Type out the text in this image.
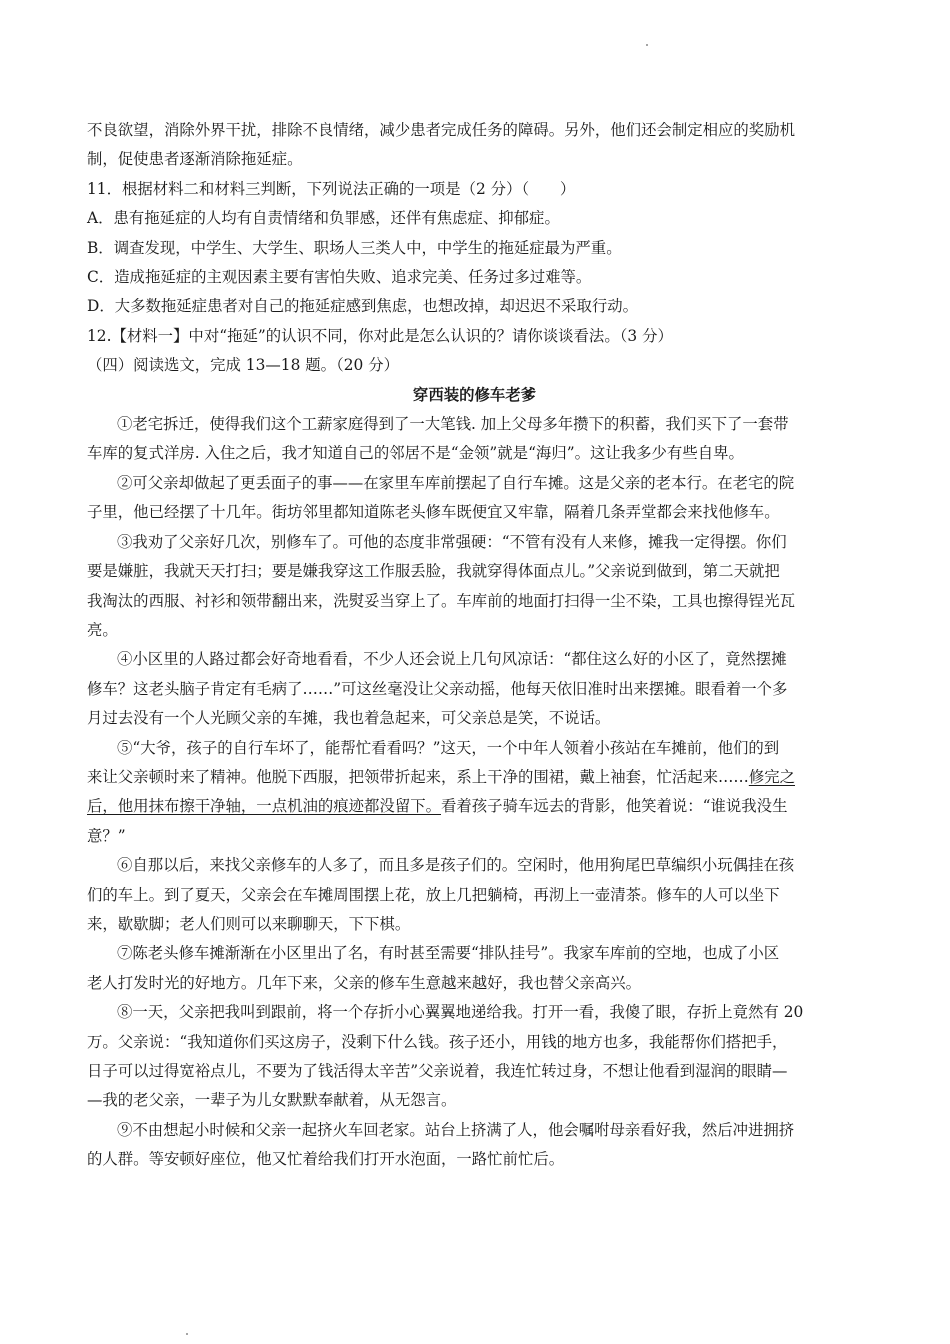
不良欲望，消除外界干扰，排除不良情绪，减少患者完成任务的障碍。另外，他们还会制定相应的奖励机

制，促使患者逐渐消除拖延症。

11．根据材料二和材料三判断，下列说法正确的一项是（2 分）（　　）

A．患有拖延症的人均有自责情绪和负罪感，还伴有焦虑症、抑郁症。

B．调查发现，中学生、大学生、职场人三类人中，中学生的拖延症最为严重。

C．造成拖延症的主观因素主要有害怕失败、追求完美、任务过多过难等。

D．大多数拖延症患者对自己的拖延症感到焦虑，也想改掉，却迟迟不采取行动。

12.【材料一】中对“拖延”的认识不同，你对此是怎么认识的？请你谈谈看法。（3 分）

（四）阅读选文，完成 13—18 题。（20 分）

穿西装的修车老爹

①老宅拆迁，使得我们这个工薪家庭得到了一大笔钱. 加上父母多年攒下的积蓄，我们买下了一套带

车库的复式洋房. 入住之后，我才知道自己的邻居不是“金领”就是“海归”。这让我多少有些自卑。

②可父亲却做起了更丢面子的事——在家里车库前摆起了自行车摊。这是父亲的老本行。在老宅的院

子里，他已经摆了十几年。街坊邻里都知道陈老头修车既便宜又牢靠，隔着几条弄堂都会来找他修车。

③我劝了父亲好几次，别修车了。可他的态度非常强硬：“不管有没有人来修，摊我一定得摆。你们

要是嫌脏，我就天天打扫；要是嫌我穿这工作服丢脸，我就穿得体面点儿。”父亲说到做到，第二天就把

我淘汰的西服、衬衫和领带翻出来，洗熨妥当穿上了。车库前的地面打扫得一尘不染，工具也擦得锃光瓦

亮。

④小区里的人路过都会好奇地看看，不少人还会说上几句风凉话：“都住这么好的小区了，竟然摆摊

修车？这老头脑子肯定有毛病了……”可这丝毫没让父亲动摇，他每天依旧准时出来摆摊。眼看着一个多

月过去没有一个人光顾父亲的车摊，我也着急起来，可父亲总是笑，不说话。

⑤“大爷，孩子的自行车坏了，能帮忙看看吗？”这天，一个中年人领着小孩站在车摊前，他们的到

来让父亲顿时来了精神。他脱下西服，把领带折起来，系上干净的围裙，戴上袖套，忙活起来……修完之

后，他用抹布擦干净轴，一点机油的痕迹都没留下。看着孩子骑车远去的背影，他笑着说：“谁说我没生

意？”

⑥自那以后，来找父亲修车的人多了，而且多是孩子们的。空闲时，他用狗尾巴草编织小玩偶挂在孩

们的车上。到了夏天，父亲会在车摊周围摆上花，放上几把躺椅，再沏上一壶清茶。修车的人可以坐下

来，歇歇脚；老人们则可以来聊聊天，下下棋。

⑦陈老头修车摊渐渐在小区里出了名，有时甚至需要“排队挂号”。我家车库前的空地，也成了小区

老人打发时光的好地方。几年下来，父亲的修车生意越来越好，我也替父亲高兴。

⑧一天，父亲把我叫到跟前，将一个存折小心翼翼地递给我。打开一看，我傻了眼，存折上竟然有 20

万。父亲说：“我知道你们买这房子，没剩下什么钱。孩子还小，用钱的地方也多，我能帮你们搭把手，

日子可以过得宽裕点儿，不要为了钱活得太辛苦”父亲说着，我连忙转过身，不想让他看到湿润的眼睛—

—我的老父亲，一辈子为儿女默默奉献着，从无怨言。

⑨不由想起小时候和父亲一起挤火车回老家。站台上挤满了人，他会嘱咐母亲看好我，然后冲进拥挤

的人群。等安顿好座位，他又忙着给我们打开水泡面，一路忙前忙后。
